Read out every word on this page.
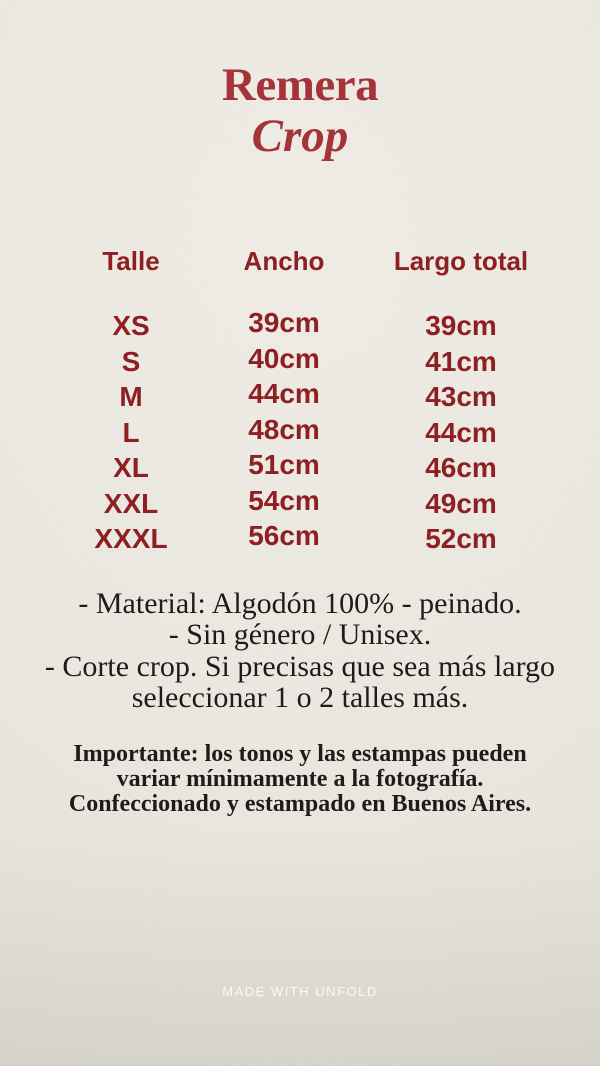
Remera
Crop
Talle	Ancho	Largo total
XS	39cm	39cm
S	40cm	41cm
M	44cm	43cm
L	48cm	44cm
XL	51cm	46cm
XXL	54cm	49cm
XXXL	56cm	52cm

- Material: Algodón 100% - peinado.

- Sin género / Unisex.

- Corte crop. Si precisas que sea más largo seleccionar 1 o 2 talles más.

Importante: los tonos y las estampas pueden variar mínimamente a la fotografía.

Confeccionado y estampado en Buenos Aires.

MADE WITH UNFOLD
